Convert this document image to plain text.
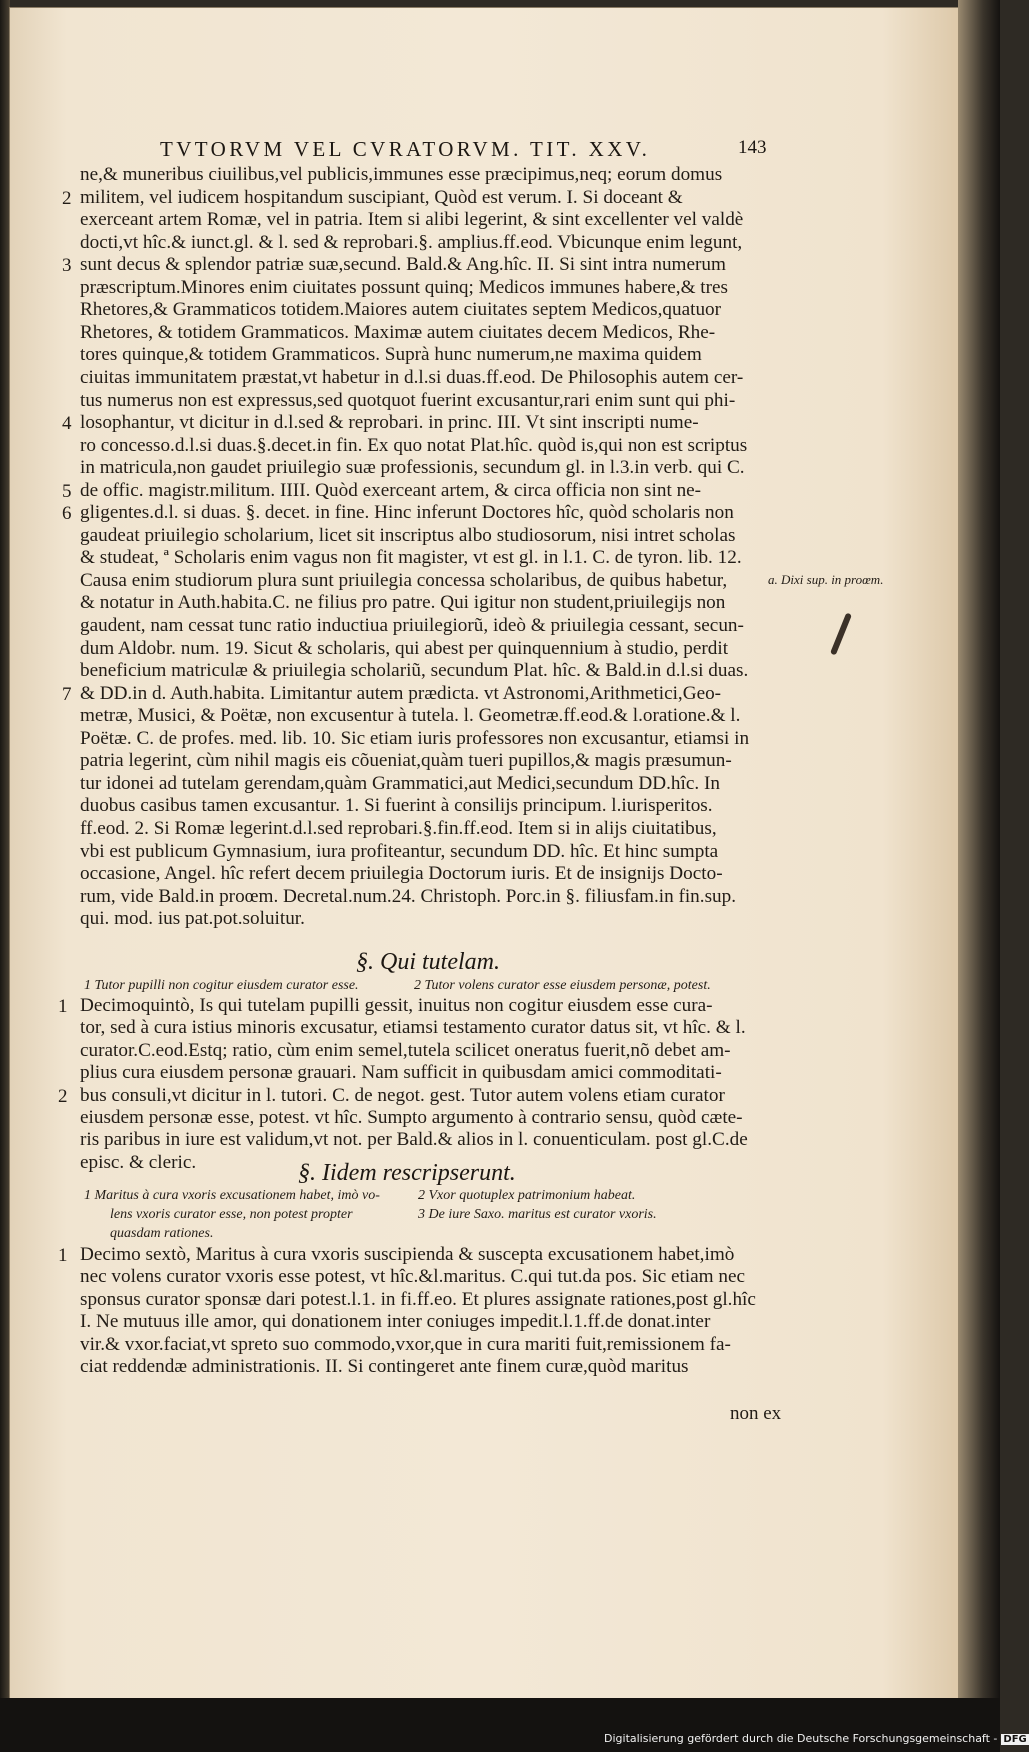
TVTORVM VEL CVRATORVM. TIT. XXV.	143
ne,& muneribus ciuilibus,vel publicis,immunes esse præcipimus,neq; eorum domus
militem, vel iudicem hospitandum suscipiant, Quòd est verum. I. Si doceant &
exerceant artem Romæ, vel in patria. Item si alibi legerint, & sint excellenter vel valdè
docti,vt hîc.& iunct.gl. & l. sed & reprobari.§. amplius.ff.eod. Vbicunque enim legunt,
sunt decus & splendor patriæ suæ,secund. Bald.& Ang.hîc. II. Si sint intra numerum
præscriptum.Minores enim ciuitates possunt quinq; Medicos immunes habere,& tres
Rhetores,& Grammaticos totidem.Maiores autem ciuitates septem Medicos,quatuor
Rhetores, & totidem Grammaticos. Maximæ autem ciuitates decem Medicos, Rhe-
tores quinque,& totidem Grammaticos. Suprà hunc numerum,ne maxima quidem
ciuitas immunitatem præstat,vt habetur in d.l.si duas.ff.eod. De Philosophis autem cer-
tus numerus non est expressus,sed quotquot fuerint excusantur,rari enim sunt qui phi-
losophantur, vt dicitur in d.l.sed & reprobari. in princ. III. Vt sint inscripti nume-
ro concesso.d.l.si duas.§.decet.in fin. Ex quo notat Plat.hîc. quòd is,qui non est scriptus
in matricula,non gaudet priuilegio suæ professionis, secundum gl. in l.3.in verb. qui C.
de offic. magistr.militum. IIII. Quòd exerceant artem, & circa officia non sint ne-
gligentes.d.l. si duas. §. decet. in fine. Hinc inferunt Doctores hîc, quòd scholaris non
gaudeat priuilegio scholarium, licet sit inscriptus albo studiosorum, nisi intret scholas
& studeat, ª Scholaris enim vagus non fit magister, vt est gl. in l.1. C. de tyron. lib. 12.
Causa enim studiorum plura sunt priuilegia concessa scholaribus, de quibus habetur,
& notatur in Auth.habita.C. ne filius pro patre. Qui igitur non student,priuilegijs non
gaudent, nam cessat tunc ratio inductiua priuilegiorũ, ideò & priuilegia cessant, secun-
dum Aldobr. num. 19. Sicut & scholaris, qui abest per quinquennium à studio, perdit
beneficium matriculæ & priuilegia scholariũ, secundum Plat. hîc. & Bald.in d.l.si duas.
& DD.in d. Auth.habita. Limitantur autem prædicta. vt Astronomi,Arithmetici,Geo-
metræ, Musici, & Poëtæ, non excusentur à tutela. l. Geometræ.ff.eod.& l.oratione.& l.
Poëtæ. C. de profes. med. lib. 10. Sic etiam iuris professores non excusantur, etiamsi in
patria legerint, cùm nihil magis eis cõueniat,quàm tueri pupillos,& magis præsumun-
tur idonei ad tutelam gerendam,quàm Grammatici,aut Medici,secundum DD.hîc. In
duobus casibus tamen excusantur. 1. Si fuerint à consilijs principum. l.iurisperitos.
ff.eod. 2. Si Romæ legerint.d.l.sed reprobari.§.fin.ff.eod. Item si in alijs ciuitatibus,
vbi est publicum Gymnasium, iura profiteantur, secundum DD. hîc. Et hinc sumpta
occasione, Angel. hîc refert decem priuilegia Doctorum iuris. Et de insignijs Docto-
rum, vide Bald.in proœm. Decretal.num.24. Christoph. Porc.in §. filiusfam.in fin.sup.
qui. mod. ius pat.pot.soluitur.
2
3
4
5
6
7
a. Dixi sup. in proœm.
§. Qui tutelam.
1 Tutor pupilli non cogitur eiusdem curator esse.	2 Tutor volens curator esse eiusdem personæ, potest.
Decimoquintò, Is qui tutelam pupilli gessit, inuitus non cogitur eiusdem esse cura-
tor, sed à cura istius minoris excusatur, etiamsi testamento curator datus sit, vt hîc. & l.
curator.C.eod.Estq; ratio, cùm enim semel,tutela scilicet oneratus fuerit,nõ debet am-
plius cura eiusdem personæ grauari. Nam sufficit in quibusdam amici commoditati-
bus consuli,vt dicitur in l. tutori. C. de negot. gest. Tutor autem volens etiam curator
eiusdem personæ esse, potest. vt hîc. Sumpto argumento à contrario sensu, quòd cæte-
ris paribus in iure est validum,vt not. per Bald.& alios in l. conuenticulam. post gl.C.de
episc. & cleric.
1
2
§. Iidem rescripserunt.
1 Maritus à cura vxoris excusationem habet, imò vo-
lens vxoris curator esse, non potest propter
quasdam rationes.
2 Vxor quotuplex patrimonium habeat.
3 De iure Saxo. maritus est curator vxoris.
Decimo sextò, Maritus à cura vxoris suscipienda & suscepta excusationem habet,imò
nec volens curator vxoris esse potest, vt hîc.&l.maritus. C.qui tut.da pos. Sic etiam nec
sponsus curator sponsæ dari potest.l.1. in fi.ff.eo. Et plures assignate rationes,post gl.hîc
I. Ne mutuus ille amor, qui donationem inter coniuges impedit.l.1.ff.de donat.inter
vir.& vxor.faciat,vt spreto suo commodo,vxor,que in cura mariti fuit,remissionem fa-
ciat reddendæ administrationis. II. Si contingeret ante finem curæ,quòd maritus
1
non ex
Digitalisierung gefördert durch die Deutsche Forschungsgemeinschaft - DFG
